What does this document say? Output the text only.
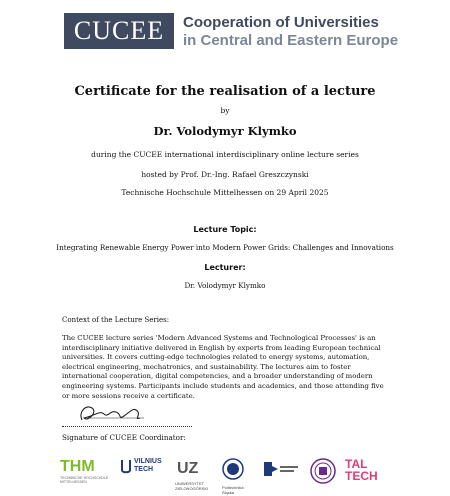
CUCEE	Cooperation of Universities
in Central and Eastern Europe
Certificate for the realisation of a lecture
by
Dr. Volodymyr Klymko
during the CUCEE international interdisciplinary online lecture series
hosted by Prof. Dr.-Ing. Rafael Greszczynski
Technische Hochschule Mittelhessen on 29 April 2025
Lecture Topic:
Integrating Renewable Energy Power into Modern Power Grids: Challenges and Innovations
Lecturer:
Dr. Volodymyr Klymko
Context of the Lecture Series:
The CUCEE lecture series 'Modern Advanced Systems and Technological Processes' is an interdisciplinary initiative delivered in English by experts from leading European technical universities. It covers cutting-edge technologies related to energy systems, automation, electrical engineering, mechatronics, and sustainability. The lectures aim to foster international cooperation, digital competencies, and a broader understanding of modern engineering systems. Participants include students and academics, and those attending five or more sessions receive a certificate.
Signature of CUCEE Coordinator:
THM
TECHNISCHE HOCHSCHULE MITTELHESSEN
VILNIUS TECH	UZ
UNIWERSYTET ZIELONOGÓRSKI	Politechnika Śląska
TAL
TECH
